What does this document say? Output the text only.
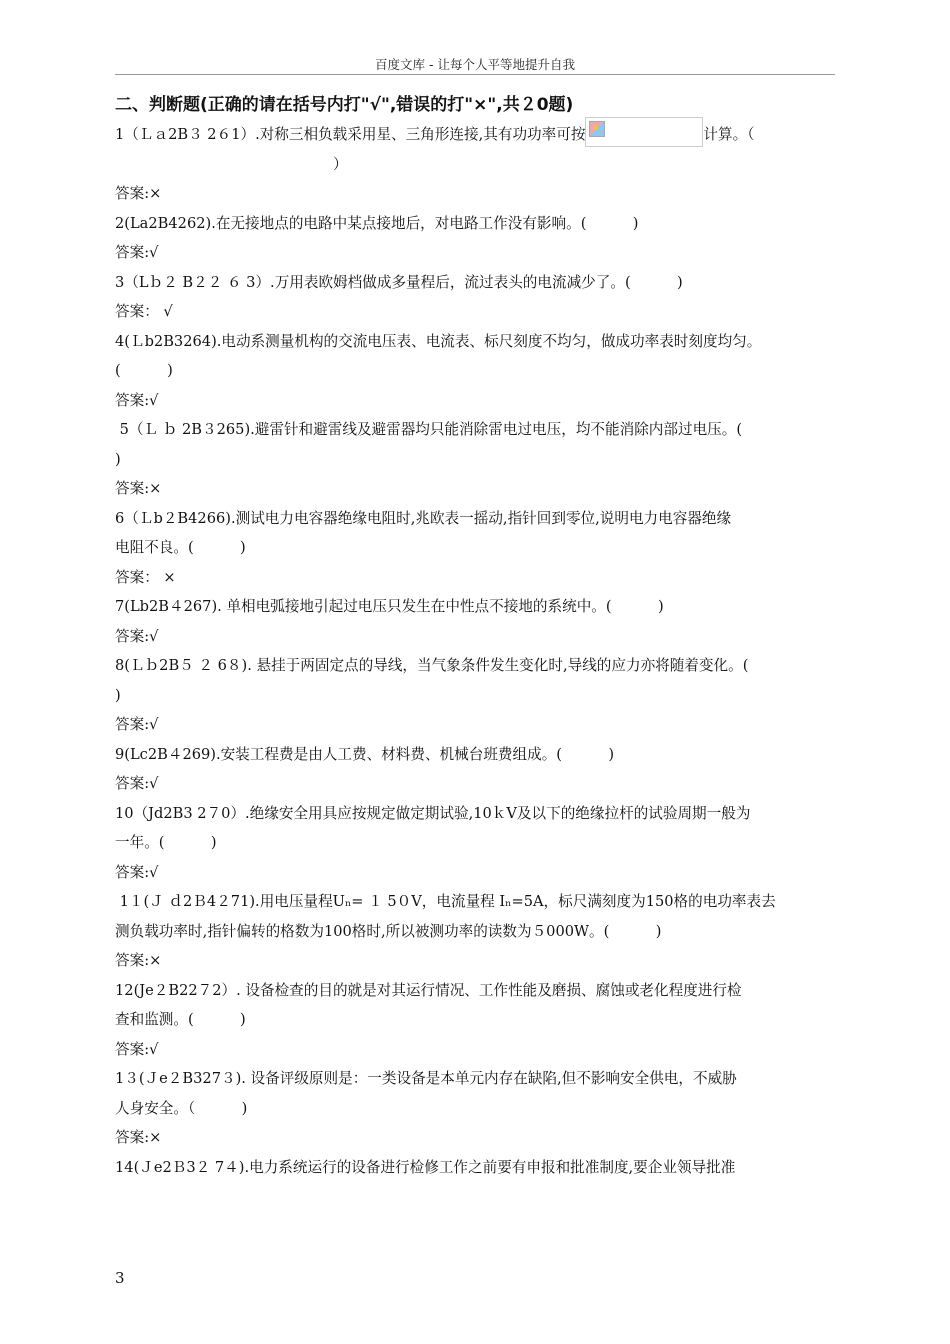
百度文库 - 让每个人平等地提升自我
二、判断题(正确的请在括号内打"√",错误的打"×",共２0题)
1（Ｌａ2B３ 2６1）.对称三相负载采用星、三角形连接,其有功功率可按	计算。（
）
答案:×
2(La2B4262).在无接地点的电路中某点接地后，对电路工作没有影响。(          )
答案:√
3（Lｂ２ B２２ ６ 3）.万用表欧姆档做成多量程后，流过表头的电流减少了。(          )
答案： √
4(Ｌb2B3264).电动系测量机构的交流电压表、电流表、标尺刻度不均匀，做成功率表时刻度均匀。
(          )
答案:√
5（Ｌ ｂ 2B３265).避雷针和避雷线及避雷器均只能消除雷电过电压，均不能消除内部过电压。(
)
答案:×
6（Ｌb２B4266).测试电力电容器绝缘电阻时,兆欧表一摇动,指针回到零位,说明电力电容器绝缘
电阻不良。(          )
答案： ×
7(Lb2B４267). 单相电弧接地引起过电压只发生在中性点不接地的系统中。(          )
答案:√
8(Ｌｂ2B５ ２ 6８). 悬挂于两固定点的导线，当气象条件发生变化时,导线的应力亦将随着变化。(
)
答案:√
9(Lc2B４269).安装工程费是由人工费、材料费、机械台班费组成。(          )
答案:√
10（Jd2B3 2７0）.绝缘安全用具应按规定做定期试验,10ｋV及以下的绝缘拉杆的试验周期一般为
一年。(          )
答案:√
1１(Ｊ ｄ2Ｂ4２71).用电压量程Uₙ= １ 5０V，电流量程 Iₙ=5A，标尺满刻度为150格的电功率表去
测负载功率时,指针偏转的格数为100格时,所以被测功率的读数为５000W。(          )
答案:×
12(Je２B22７2）. 设备检查的目的就是对其运行情况、工作性能及磨损、腐蚀或老化程度进行检
查和监测。(          )
答案:√
1３(Ｊe２B327３). 设备评级原则是：一类设备是本单元内存在缺陷,但不影响安全供电，不威胁
人身安全。（          )
答案:×
14(Ｊe2Ｂ3２ 7４).电力系统运行的设备进行检修工作之前要有申报和批准制度,要企业领导批准
3
